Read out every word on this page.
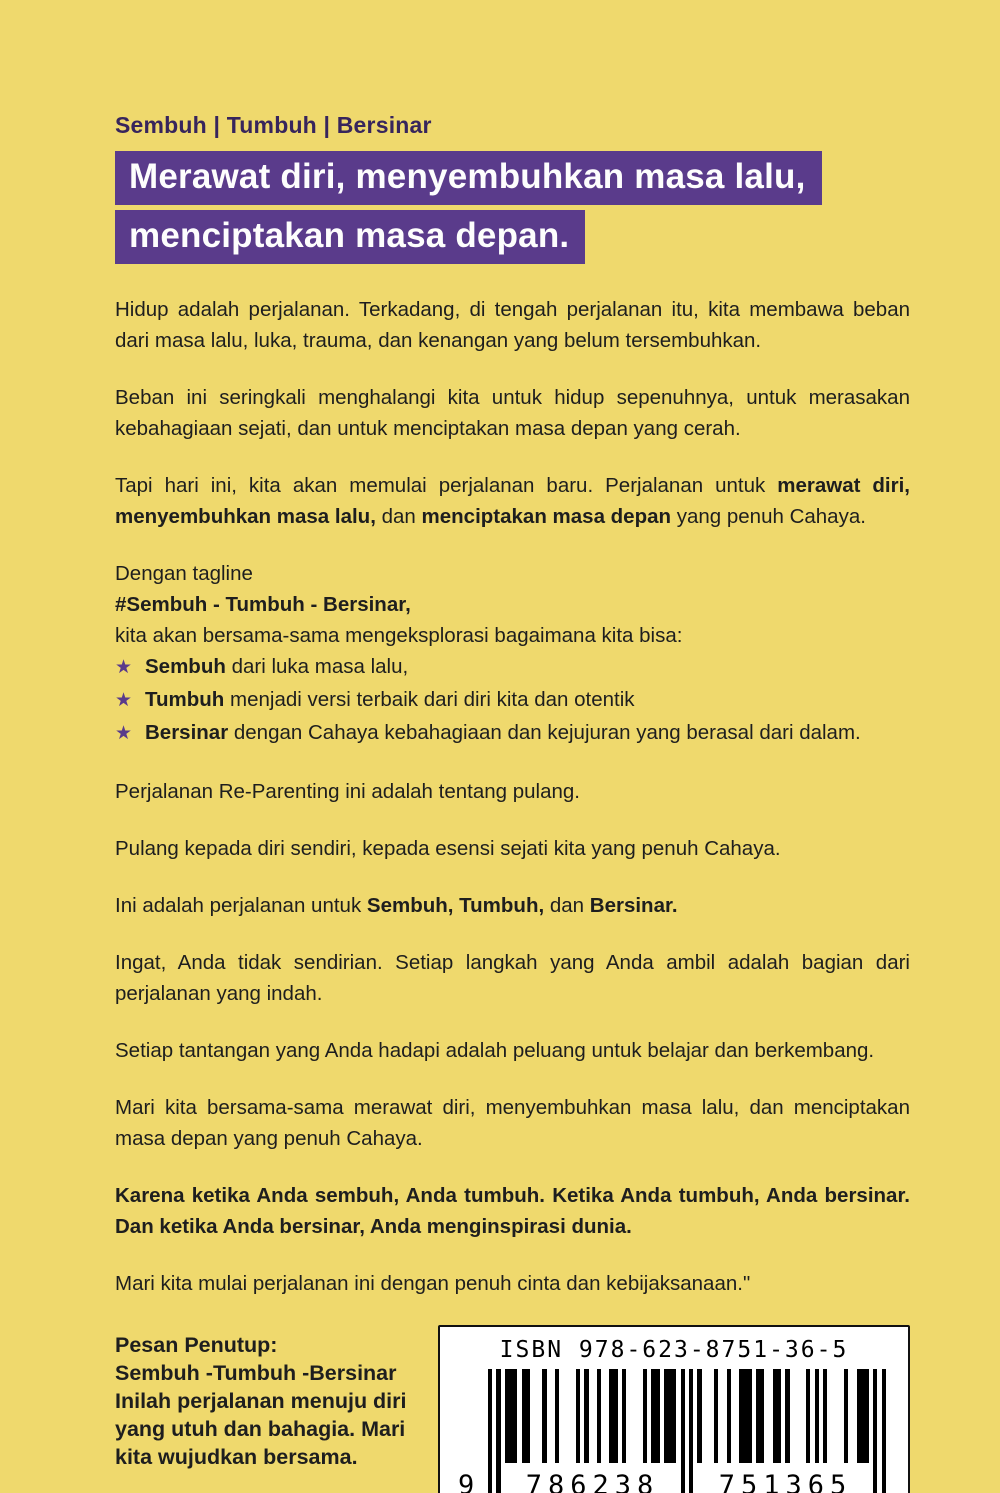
Sembuh | Tumbuh | Bersinar
Merawat diri, menyembuhkan masa lalu,
menciptakan masa depan.

Hidup adalah perjalanan. Terkadang, di tengah perjalanan itu, kita membawa beban dari masa lalu, luka, trauma, dan kenangan yang belum tersembuhkan.

Beban ini seringkali menghalangi kita untuk hidup sepenuhnya, untuk merasakan kebahagiaan sejati, dan untuk menciptakan masa depan yang cerah.

Tapi hari ini, kita akan memulai perjalanan baru. Perjalanan untuk merawat diri, menyembuhkan masa lalu, dan menciptakan masa depan yang penuh Cahaya.

Dengan tagline

#Sembuh - Tumbuh - Bersinar,

kita akan bersama-sama mengeksplorasi bagaimana kita bisa:

★ Sembuh dari luka masa lalu,
★ Tumbuh menjadi versi terbaik dari diri kita dan otentik
★ Bersinar dengan Cahaya kebahagiaan dan kejujuran yang berasal dari dalam.

Perjalanan Re-Parenting ini adalah tentang pulang.

Pulang kepada diri sendiri, kepada esensi sejati kita yang penuh Cahaya.

Ini adalah perjalanan untuk Sembuh, Tumbuh, dan Bersinar.

Ingat, Anda tidak sendirian. Setiap langkah yang Anda ambil adalah bagian dari perjalanan yang indah.

Setiap tantangan yang Anda hadapi adalah peluang untuk belajar dan berkembang.

Mari kita bersama-sama merawat diri, menyembuhkan masa lalu, dan menciptakan masa depan yang penuh Cahaya.

Karena ketika Anda sembuh, Anda tumbuh. Ketika Anda tumbuh, Anda bersinar. Dan ketika Anda bersinar, Anda menginspirasi dunia.

Mari kita mulai perjalanan ini dengan penuh cinta dan kebijaksanaan."

Pesan Penutup:
Sembuh -Tumbuh -Bersinar
Inilah perjalanan menuju diri
yang utuh dan bahagia. Mari
kita wujudkan bersama.
ISBN 978-623-8751-36-5
9	786238	751365
